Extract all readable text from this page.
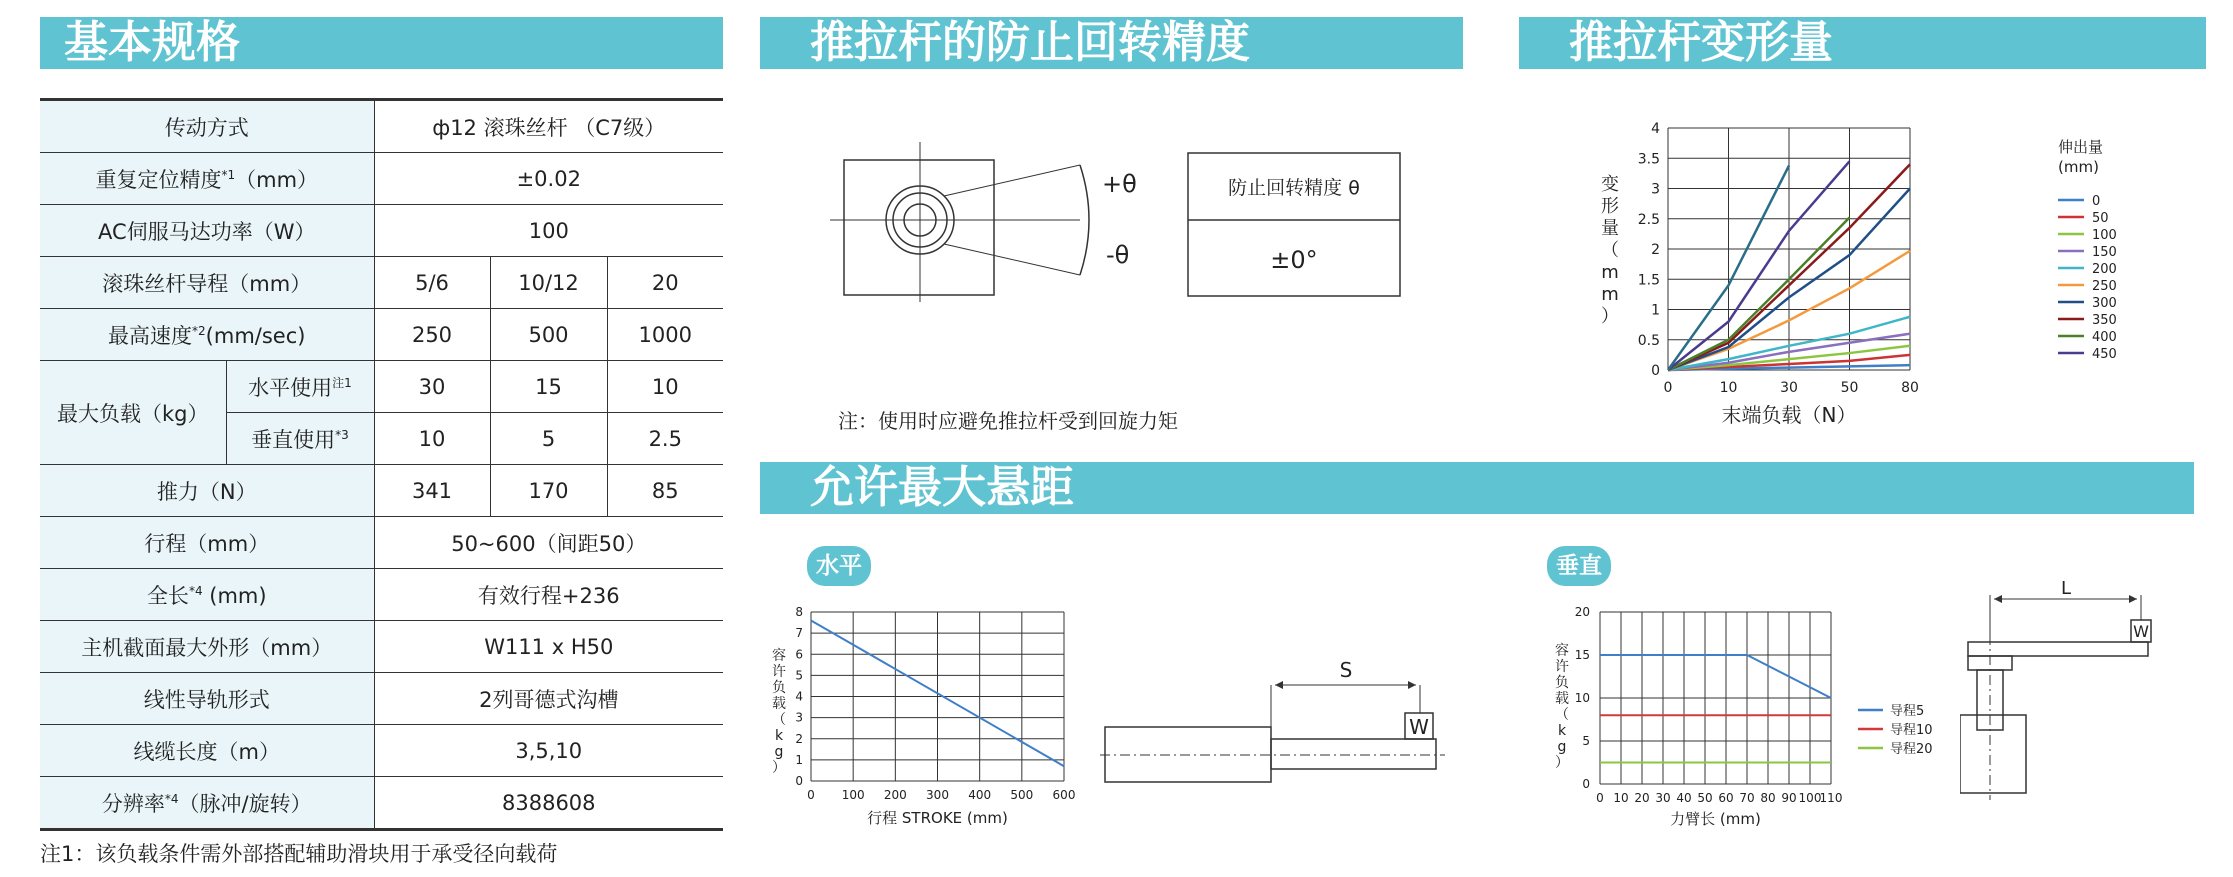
基本规格	推拉杆的防止回转精度	推拉杆变形量
允许最大悬距
传动方式		ф12 滚珠丝杆 （C7级）		
重复定位精度$^{*1}$（mm）		±0.02		
AC伺服马达功率（W）		100		
滚珠丝杆导程（mm）		5/6	10/12	20
最高速度$^{*2}$(mm/sec)		250	500	1000
最大负载（kg）	水平使用$^{注1}$	30	15	10
	垂直使用$^{*3}$	10	5	2.5
推力（N）		341	170	85
行程（mm）		50~600（间距50）		
全长$^{*4}$ (mm)		有效行程+236		
主机截面最大外形（mm）		W111 x H50		
线性导轨形式		2列哥德式沟槽		
线缆长度（m）		3,5,10		
分辨率$^{*4}$（脉冲/旋转）		8388608		
注1：该负载条件需外部搭配辅助滑块用于承受径向载荷
+θ
-θ
防止回转精度 θ
±0°
注：使用时应避免推拉杆受到回旋力矩
0
0.5
1
1.5
2
2.5
3
3.5
4
0	10	30	50	80
末端负载（N）
变
形
量
（
m
m
）
伸出量
(mm)
0
50
100
150
200
250
300
350
400
450
水平	垂直
0
1
2
3
4
5
6
7
8
0 100 200 300 400 500 600
行程 STROKE (mm)
容
许
负
载
（
k
g
）
S
W
0
5
10
15
20
0 10 20 30 40 50 60 70 80 90 100
110
力臂长 (mm)
容
许
负
载
（
k
g
）
导程5
导程10
导程20
L
W
